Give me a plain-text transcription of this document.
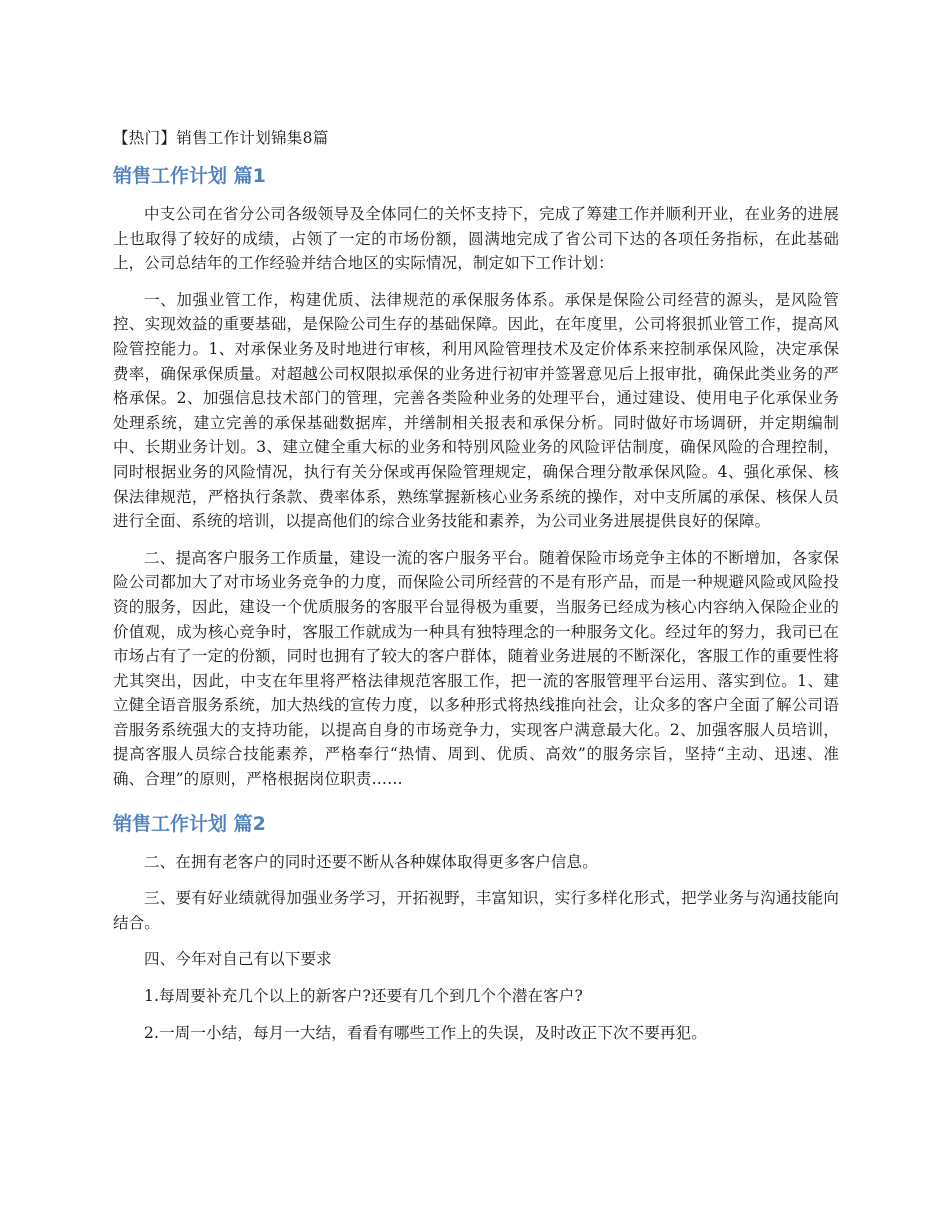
【热门】销售工作计划锦集8篇
销售工作计划 篇1

中支公司在省分公司各级领导及全体同仁的关怀支持下，完成了筹建工作并顺利开业，在业务的进展上也取得了较好的成绩，占领了一定的市场份额，圆满地完成了省公司下达的各项任务指标，在此基础上，公司总结年的工作经验并结合地区的实际情况，制定如下工作计划：

一、加强业管工作，构建优质、法律规范的承保服务体系。承保是保险公司经营的源头，是风险管控、实现效益的重要基础，是保险公司生存的基础保障。因此，在年度里，公司将狠抓业管工作，提高风险管控能力。1、对承保业务及时地进行审核，利用风险管理技术及定价体系来控制承保风险，决定承保费率，确保承保质量。对超越公司权限拟承保的业务进行初审并签署意见后上报审批，确保此类业务的严格承保。2、加强信息技术部门的管理，完善各类险种业务的处理平台，通过建设、使用电子化承保业务处理系统，建立完善的承保基础数据库，并缮制相关报表和承保分析。同时做好市场调研，并定期编制中、长期业务计划。3、建立健全重大标的业务和特别风险业务的风险评估制度，确保风险的合理控制，同时根据业务的风险情况，执行有关分保或再保险管理规定，确保合理分散承保风险。4、强化承保、核保法律规范，严格执行条款、费率体系，熟练掌握新核心业务系统的操作，对中支所属的承保、核保人员进行全面、系统的培训，以提高他们的综合业务技能和素养，为公司业务进展提供良好的保障。

二、提高客户服务工作质量，建设一流的客户服务平台。随着保险市场竞争主体的不断增加，各家保险公司都加大了对市场业务竞争的力度，而保险公司所经营的不是有形产品，而是一种规避风险或风险投资的服务，因此，建设一个优质服务的客服平台显得极为重要，当服务已经成为核心内容纳入保险企业的价值观，成为核心竞争时，客服工作就成为一种具有独特理念的一种服务文化。经过年的努力，我司已在市场占有了一定的份额，同时也拥有了较大的客户群体，随着业务进展的不断深化，客服工作的重要性将尤其突出，因此，中支在年里将严格法律规范客服工作，把一流的客服管理平台运用、落实到位。1、建立健全语音服务系统，加大热线的宣传力度，以多种形式将热线推向社会，让众多的客户全面了解公司语音服务系统强大的支持功能，以提高自身的市场竞争力，实现客户满意最大化。2、加强客服人员培训，提高客服人员综合技能素养，严格奉行“热情、周到、优质、高效”的服务宗旨，坚持“主动、迅速、准确、合理”的原则，严格根据岗位职责……

销售工作计划 篇2

二、在拥有老客户的同时还要不断从各种媒体取得更多客户信息。

三、要有好业绩就得加强业务学习，开拓视野，丰富知识，实行多样化形式，把学业务与沟通技能向结合。

四、今年对自己有以下要求

1.每周要补充几个以上的新客户?还要有几个到几个个潜在客户?

2.一周一小结，每月一大结，看看有哪些工作上的失误，及时改正下次不要再犯。
